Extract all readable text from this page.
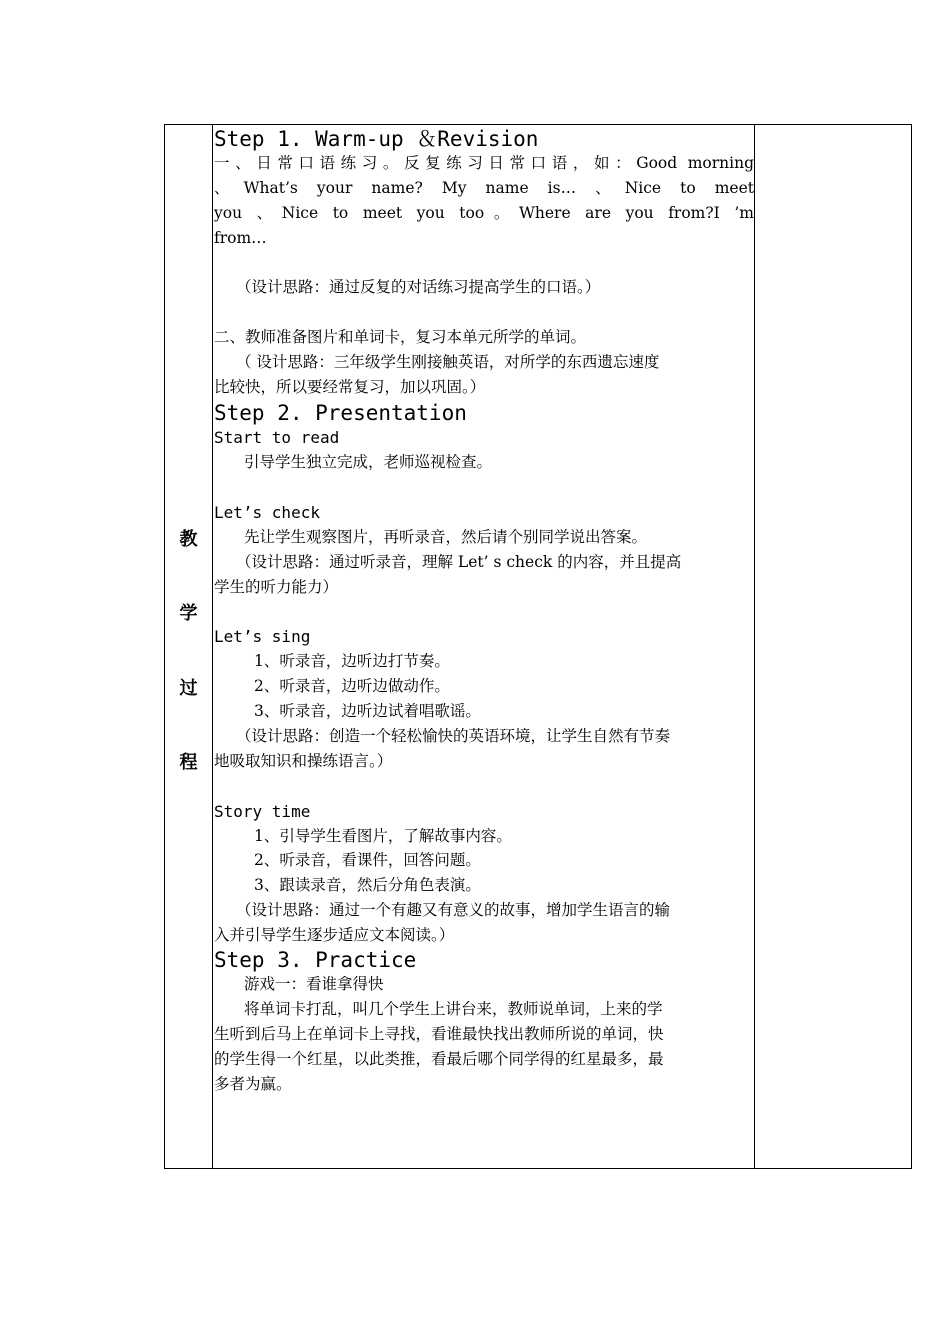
教
学
过
程
Step 1. Warm-up ＆Revision
一、日常口语练习。反复练习日常口语，如：Good morning
、What’s your name? My name is… 、Nice to meet
you 、Nice to meet you too。Where are you from?I ’m
from…
（设计思路：通过反复的对话练习提高学生的口语。）
二、教师准备图片和单词卡，复习本单元所学的单词。
（ 设计思路：三年级学生刚接触英语，对所学的东西遗忘速度
比较快，所以要经常复习，加以巩固。）
Step 2. Presentation
Start to read
引导学生独立完成，老师巡视检查。
Let’s check
先让学生观察图片，再听录音，然后请个别同学说出答案。
（设计思路：通过听录音，理解 Let’ s check 的内容，并且提高
学生的听力能力）
Let’s sing
1、听录音，边听边打节奏。
2、听录音，边听边做动作。
3、听录音，边听边试着唱歌谣。
（设计思路：创造一个轻松愉快的英语环境，让学生自然有节奏
地吸取知识和操练语言。）
Story time
1、引导学生看图片，了解故事内容。
2、听录音，看课件，回答问题。
3、跟读录音，然后分角色表演。
（设计思路：通过一个有趣又有意义的故事，增加学生语言的输
入并引导学生逐步适应文本阅读。）
Step 3. Practice
游戏一：看谁拿得快
将单词卡打乱，叫几个学生上讲台来，教师说单词，上来的学
生听到后马上在单词卡上寻找，看谁最快找出教师所说的单词，快
的学生得一个红星，以此类推，看最后哪个同学得的红星最多，最
多者为赢。
